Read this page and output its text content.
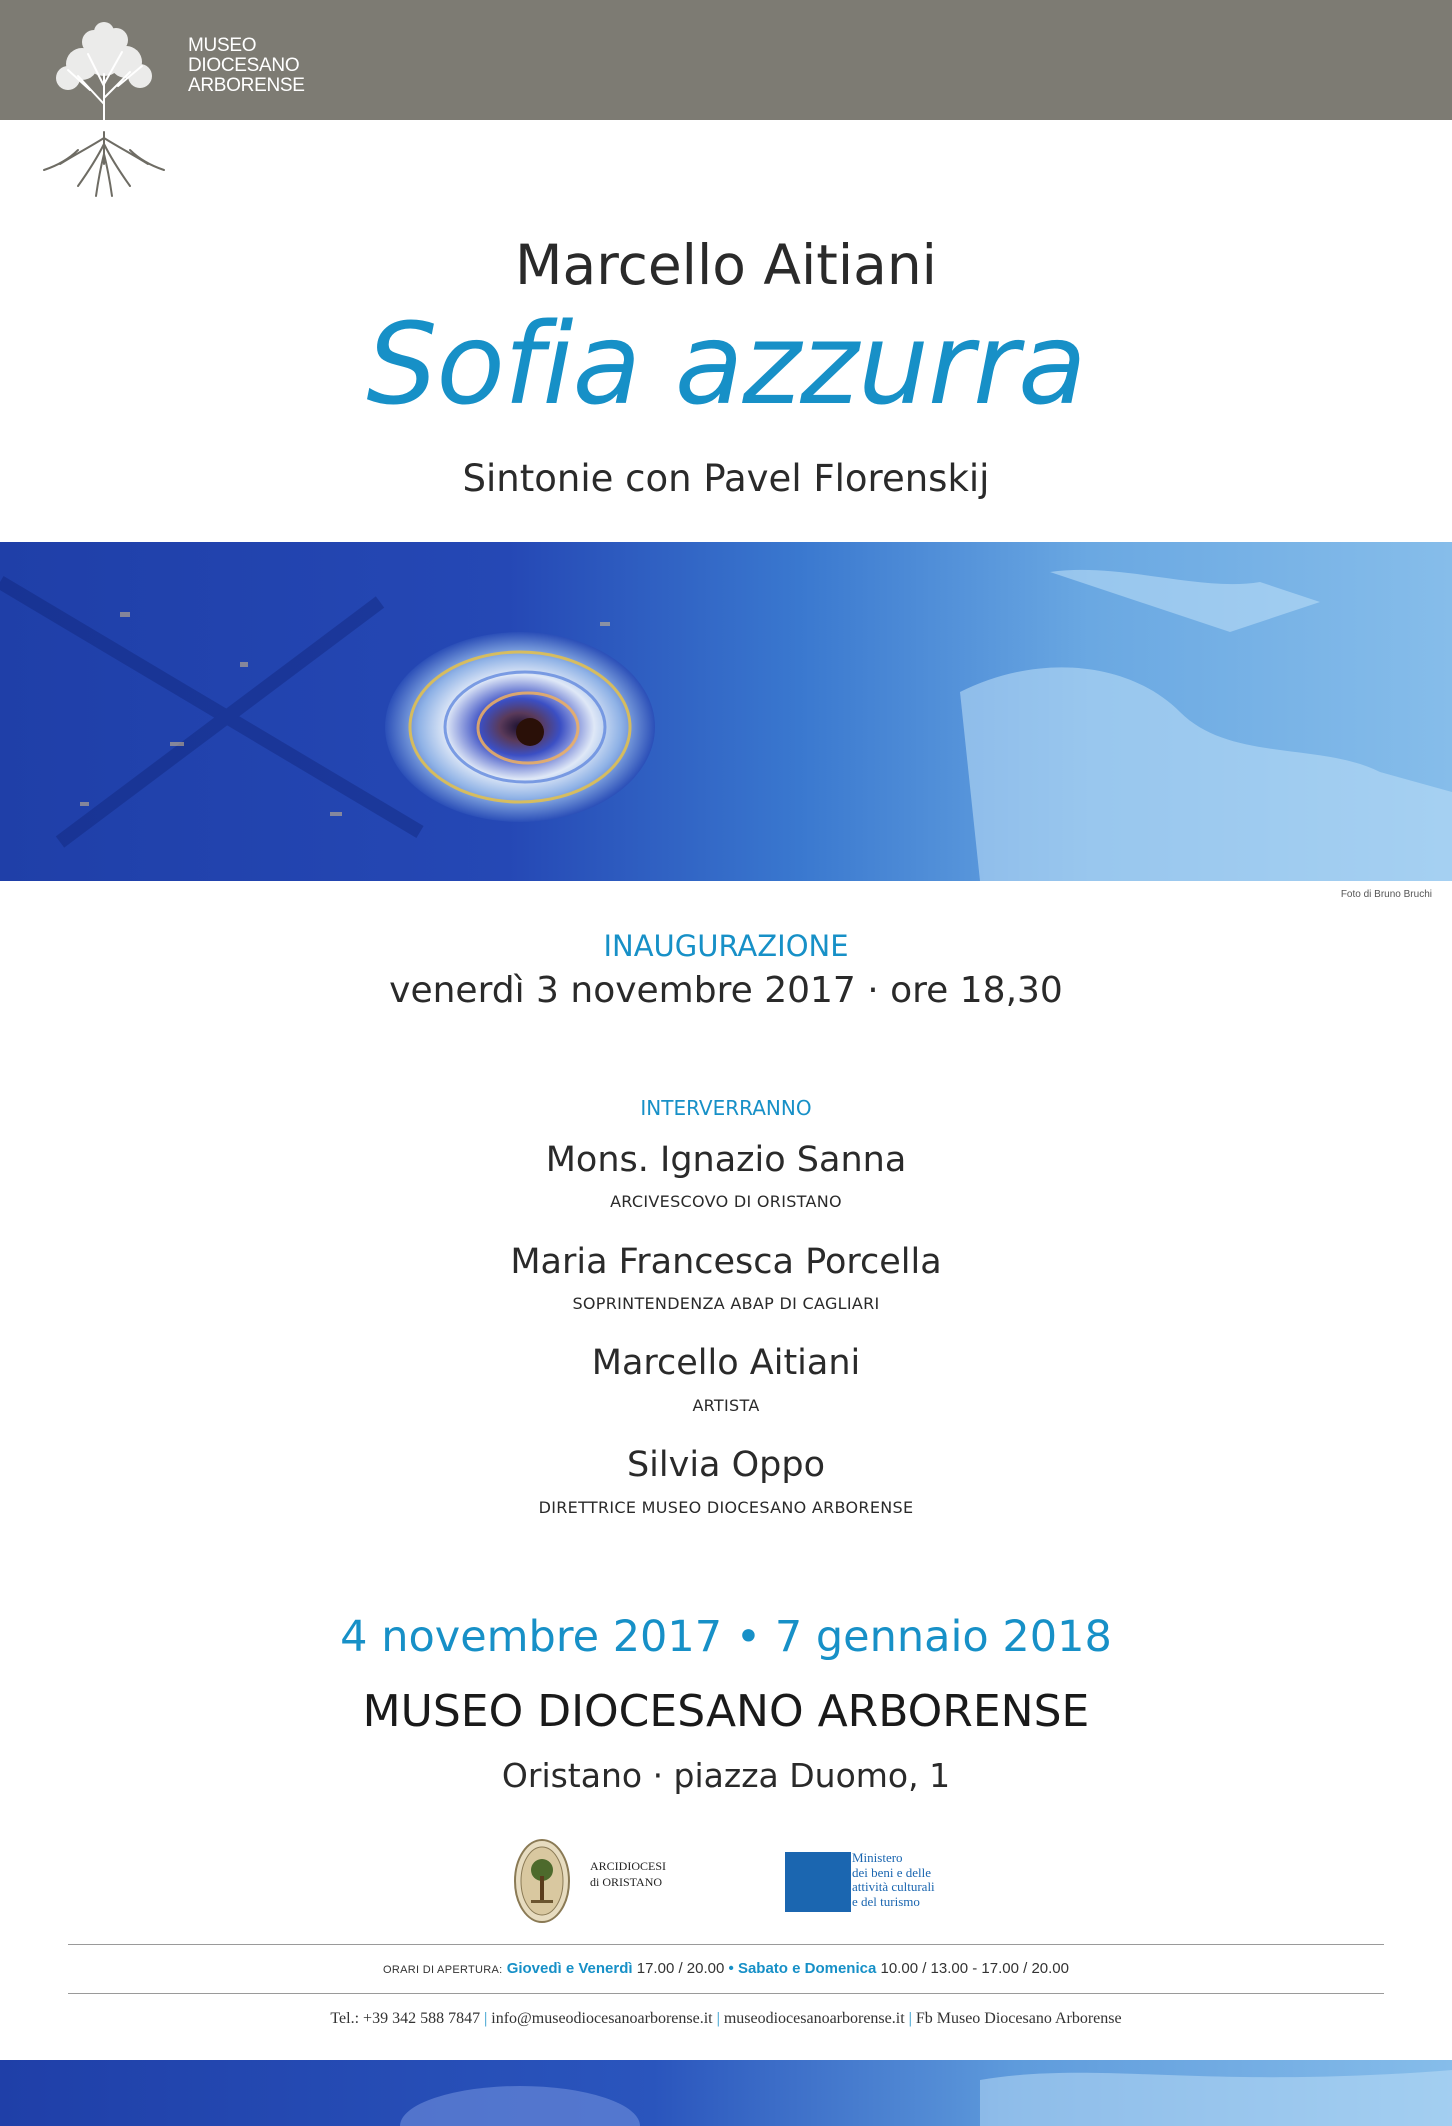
MUSEO
DIOCESANO
ARBORENSE
Marcello Aitiani
Sofia azzurra
Sintonie con Pavel Florenskij
Foto di Bruno Bruchi
INAUGURAZIONE
venerdì 3 novembre 2017 · ore 18,30
INTERVERRANNO
Mons. Ignazio Sanna
ARCIVESCOVO DI ORISTANO
Maria Francesca Porcella
SOPRINTENDENZA ABAP DI CAGLIARI
Marcello Aitiani
ARTISTA
Silvia Oppo
DIRETTRICE MUSEO DIOCESANO ARBORENSE
4 novembre 2017 • 7 gennaio 2018
MUSEO DIOCESANO ARBORENSE
Oristano · piazza Duomo, 1
ARCIDIOCESI
di ORISTANO	MiBACT	Ministero
dei beni e delle
attività culturali
e del turismo
ORARI DI APERTURA: Giovedì e Venerdì 17.00 / 20.00 • Sabato e Domenica 10.00 / 13.00 - 17.00 / 20.00
Tel.: +39 342 588 7847 | info@museodiocesanoarborense.it | museodiocesanoarborense.it | Fb Museo Diocesano Arborense
